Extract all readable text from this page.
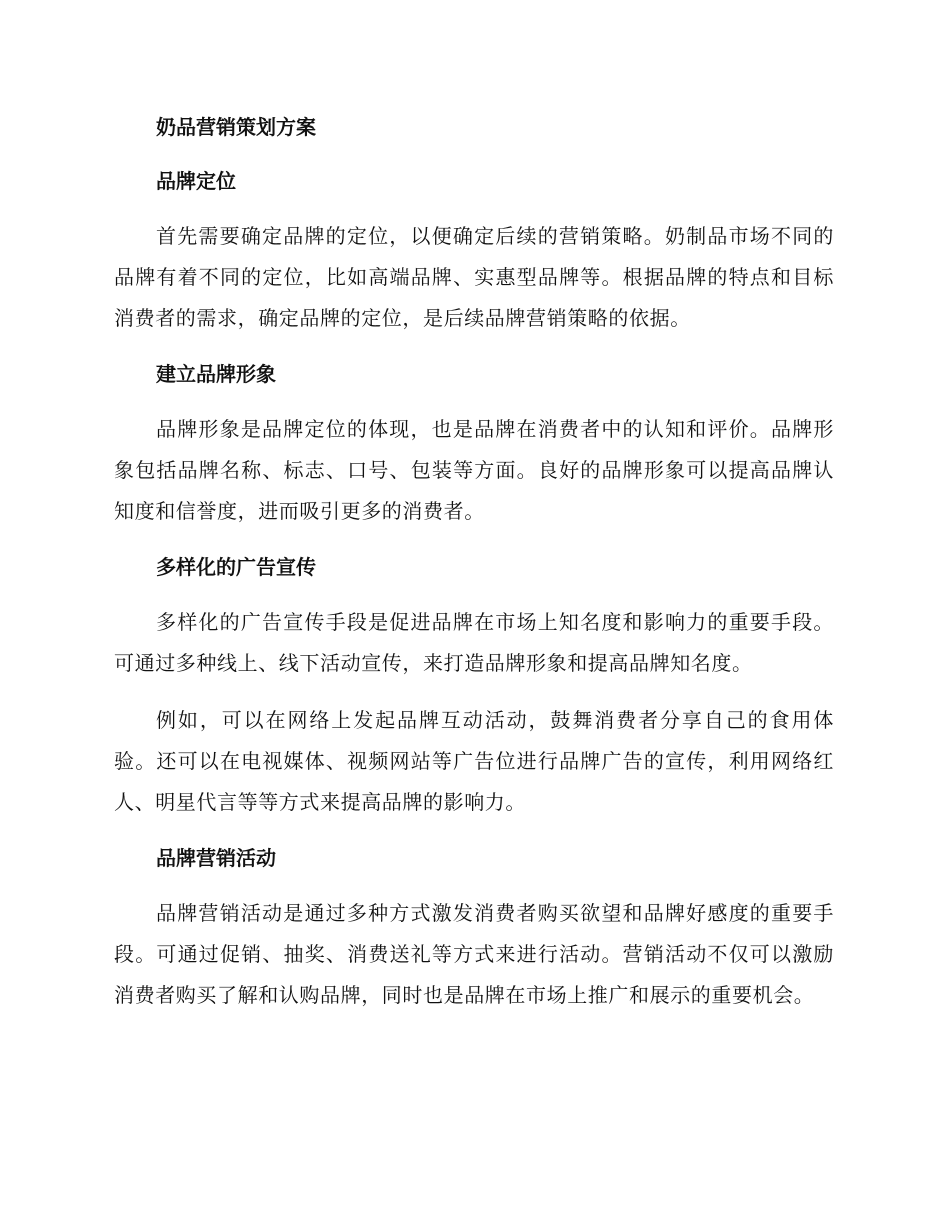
奶品营销策划方案
品牌定位

首先需要确定品牌的定位，以便确定后续的营销策略。奶制品市场不同的品牌有着不同的定位，比如高端品牌、实惠型品牌等。根据品牌的特点和目标消费者的需求，确定品牌的定位，是后续品牌营销策略的依据。

建立品牌形象

品牌形象是品牌定位的体现，也是品牌在消费者中的认知和评价。品牌形象包括品牌名称、标志、口号、包装等方面。良好的品牌形象可以提高品牌认知度和信誉度，进而吸引更多的消费者。

多样化的广告宣传

多样化的广告宣传手段是促进品牌在市场上知名度和影响力的重要手段。可通过多种线上、线下活动宣传，来打造品牌形象和提高品牌知名度。

例如，可以在网络上发起品牌互动活动，鼓舞消费者分享自己的食用体验。还可以在电视媒体、视频网站等广告位进行品牌广告的宣传，利用网络红人、明星代言等等方式来提高品牌的影响力。

品牌营销活动

品牌营销活动是通过多种方式激发消费者购买欲望和品牌好感度的重要手段。可通过促销、抽奖、消费送礼等方式来进行活动。营销活动不仅可以激励消费者购买了解和认购品牌，同时也是品牌在市场上推广和展示的重要机会。
